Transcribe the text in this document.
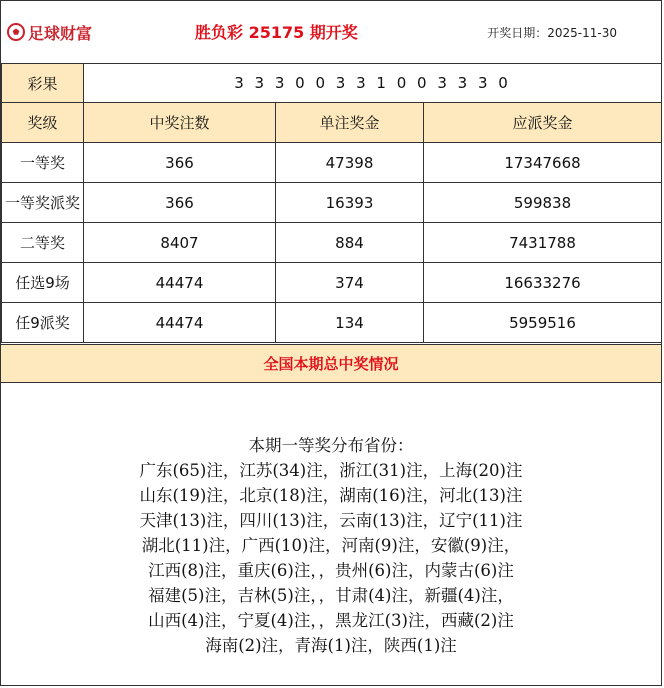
足球财富	胜负彩 25175 期开奖	开奖日期：2025-11-30
彩果	3 3 3 0 0 3 3 1 0 0 3 3 3 0		
奖级	中奖注数	单注奖金	应派奖金
一等奖	366	47398	17347668
一等奖派奖	366	16393	599838
二等奖	8407	884	7431788
任选9场	44474	374	16633276
任9派奖	44474	134	5959516
全国本期总中奖情况
本期一等奖分布省份：
广东(65)注，江苏(34)注，浙江(31)注，上海(20)注
山东(19)注，北京(18)注，湖南(16)注，河北(13)注
天津(13)注，四川(13)注，云南(13)注，辽宁(11)注
湖北(11)注，广西(10)注，河南(9)注，安徽(9)注，
江西(8)注，重庆(6)注，，贵州(6)注，内蒙古(6)注
福建(5)注，吉林(5)注，，甘肃(4)注，新疆(4)注，
山西(4)注，宁夏(4)注，，黑龙江(3)注，西藏(2)注
海南(2)注，青海(1)注，陕西(1)注
